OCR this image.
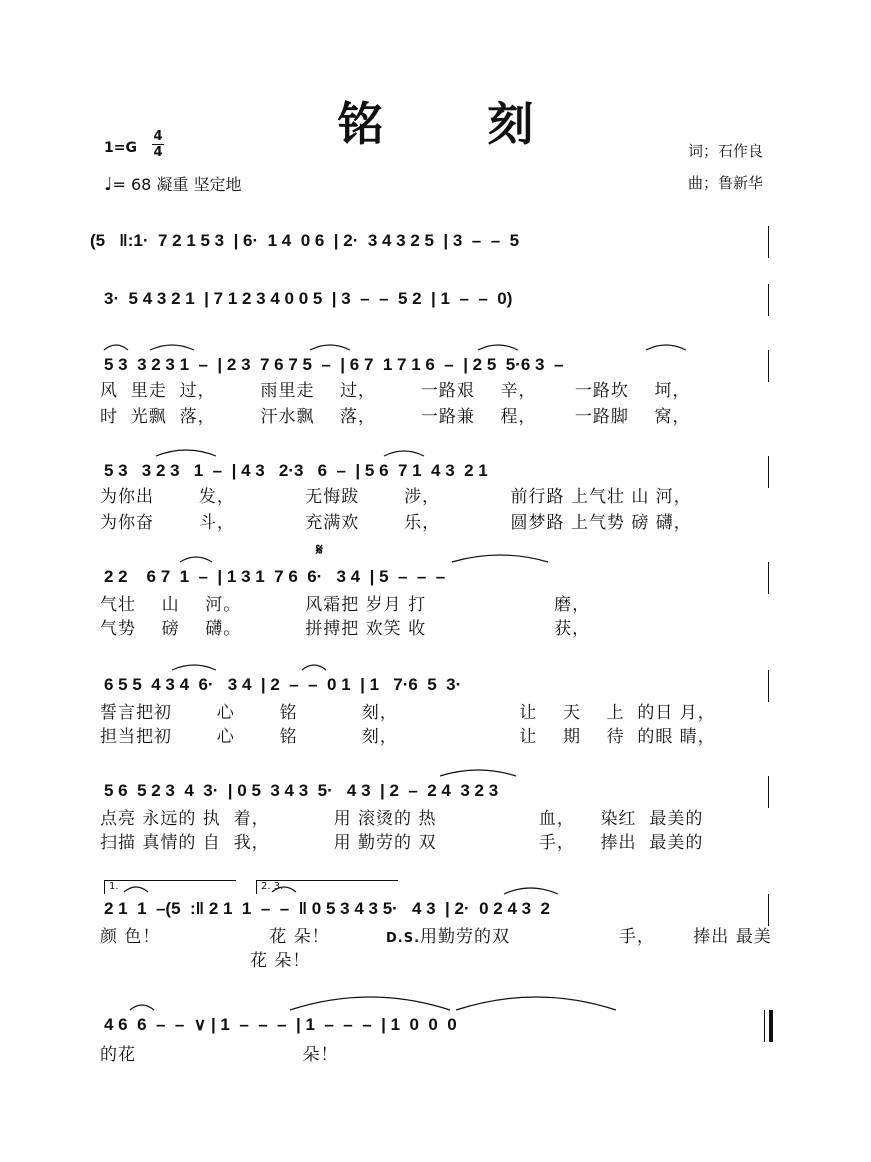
铭 刻
$1=G \frac{4}{4}$
♩= 68 凝重 坚定地
词；石作良
曲；鲁新华
(5   ‖:1·  7 2 1 5 3  | 6·  1 4  0 6  | 2·  3 4 3 2 5  | 3  –  –  5
3·  5 4 3 2 1  | 7 1 2 3 4 0 0 5  | 3  –  –  5 2  | 1  –  –  0)
5 3  3 2 3 1  –  | 2 3  7 6 7 5  –  | 6 7  1 7 1 6  –  | 2 5  5·6 3  –
风  里走  过，       雨里走    过，       一路艰    辛，      一路坎    坷，
时  光飘  落，       汗水飘    落，       一路兼    程，      一路脚    窝，
5 3   3 2 3   1  –  | 4 3   2·3   6  –  | 5 6  7 1  4 3  2 1
为你出       发，           无悔跋       涉，           前行路 上气壮 山 河，
为你奋       斗，           充满欢       乐，           圆梦路 上气势 磅 礴，
𝄋
2 2    6 7  1  –  | 1 3 1  7 6  6·   3 4  | 5  –  –  –
气壮    山    河。          风霜把 岁月 打                    磨，
气势    磅    礴。          拼搏把 欢笑 收                    获，
6 5 5  4 3 4  6·   3 4  | 2  –  –  0 1  | 1   7·6  5  3·
誓言把初       心       铭          刻，                   让    天    上  的日 月，
担当把初       心       铭          刻，                   让    期    待  的眼 睛，
5 6  5 2 3  4  3·  | 0 5  3 4 3  5·   4 3  | 2  –  2 4  3 2 3
点亮 永远的 执  着，          用 滚烫的 热                血，    染红  最美的
扫描 真情的 自  我，          用 勤劳的 双                手，    捧出  最美的
1.	2. 3.
2 1  1  –(5  :‖ 2 1  1  –  –  ‖ 0 5 3 4 3 5·   4 3  | 2·  0 2 4 3  2
颜 色！                 花 朵！	D.S. 用勤劳的双                 手，      捧出 最美
花 朵！
4 6  6  –  –  ∨ | 1  –  –  –  | 1  –  –  –  | 1  0  0  0
的花                          朵！
